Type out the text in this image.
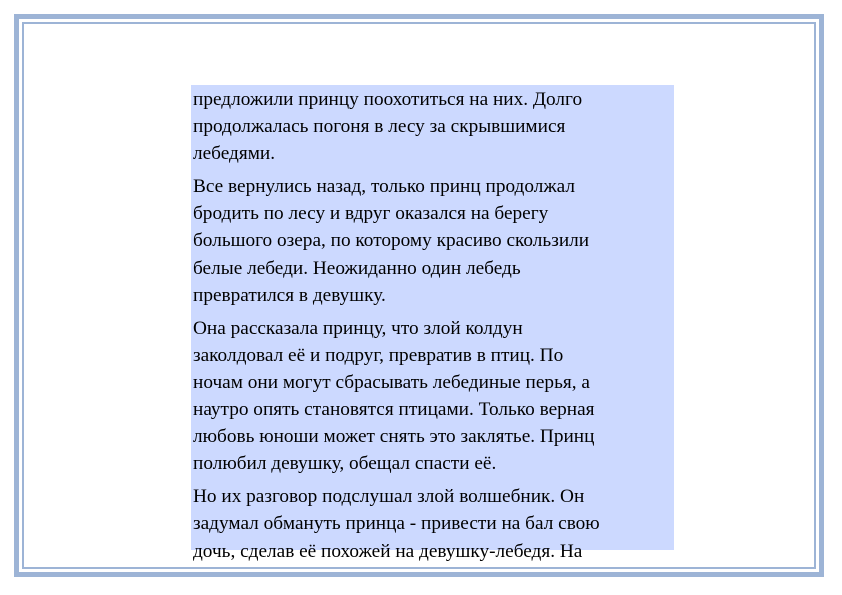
предложили принцу поохотиться на них. Долго
продолжалась погоня в лесу за скрывшимися
лебедями.

Все вернулись назад, только принц продолжал
бродить по лесу и вдруг оказался на берегу
большого озера, по которому красиво скользили
белые лебеди. Неожиданно один лебедь
превратился в девушку.

Она рассказала принцу, что злой колдун
заколдовал её и подруг, превратив в птиц. По
ночам они могут сбрасывать лебединые перья, а
наутро опять становятся птицами. Только верная
любовь юноши может снять это заклятье. Принц
полюбил девушку, обещал спасти её.

Но их разговор подслушал злой волшебник. Он
задумал обмануть принца - привести на бал свою
дочь, сделав её похожей на девушку-лебедя. На
